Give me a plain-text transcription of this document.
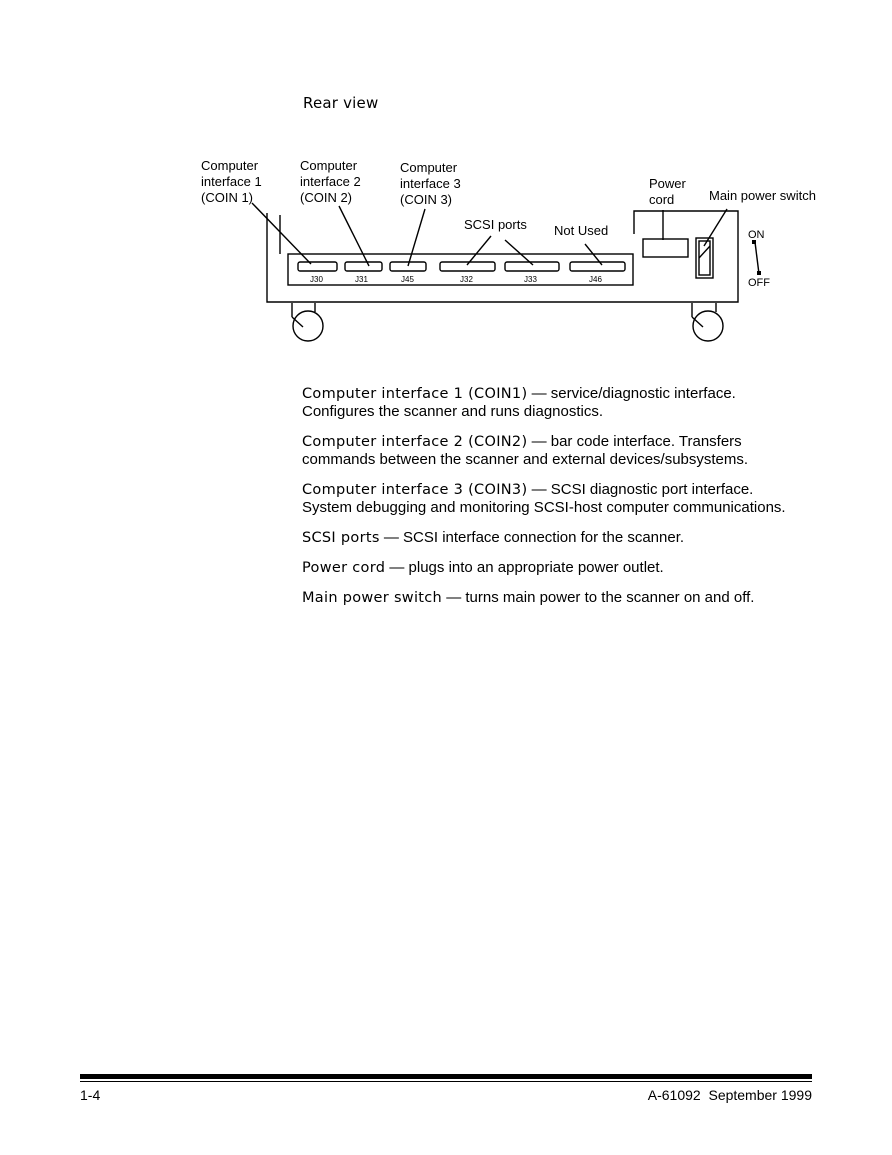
Rear view
Computer
interface 1
(COIN 1)
Computer
interface 2
(COIN 2)
Computer
interface 3
(COIN 3)
SCSI ports Not Used
Power
cord	Main power switch
ON
OFF
J30	J31	J45	J32	J33	J46

Computer interface 1 (COIN1) — service/diagnostic interface. Configures the scanner and runs diagnostics.

Computer interface 2 (COIN2) — bar code interface. Transfers commands between the scanner and external devices/subsystems.

Computer interface 3 (COIN3) — SCSI diagnostic port interface. System debugging and monitoring SCSI-host computer communications.

SCSI ports — SCSI interface connection for the scanner.

Power cord — plugs into an appropriate power outlet.

Main power switch — turns main power to the scanner on and off.

1-4	A-61092  September 1999
